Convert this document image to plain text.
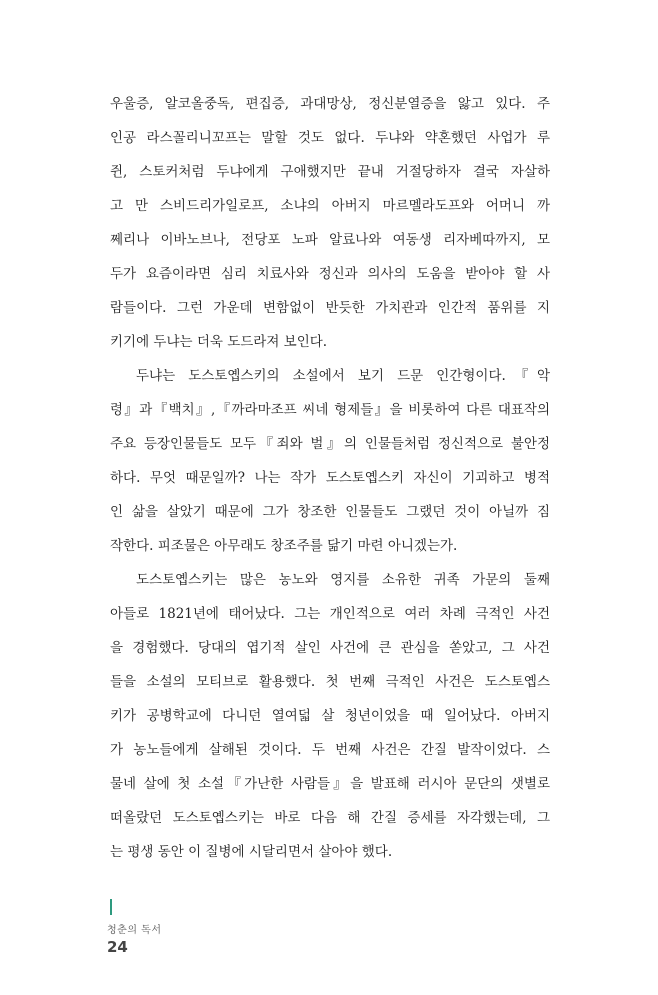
우울증, 알코올중독, 편집증, 과대망상, 정신분열증을 앓고 있다. 주
인공 라스꼴리니꼬프는 말할 것도 없다. 두냐와 약혼했던 사업가 루
쥔, 스토커처럼 두냐에게 구애했지만 끝내 거절당하자 결국 자살하
고 만 스비드리가일로프, 소냐의 아버지 마르멜라도프와 어머니 까
쩨리나 이바노브나, 전당포 노파 알료나와 여동생 리자베따까지, 모
두가 요즘이라면 심리 치료사와 정신과 의사의 도움을 받아야 할 사
람들이다. 그런 가운데 변함없이 반듯한 가치관과 인간적 품위를 지
키기에 두냐는 더욱 도드라져 보인다.
두냐는 도스토옙스키의 소설에서 보기 드문 인간형이다.『악
령』과『백치』,『까라마조프 씨네 형제들』을 비롯하여 다른 대표작의
주요 등장인물들도 모두『죄와 벌』의 인물들처럼 정신적으로 불안정
하다. 무엇 때문일까? 나는 작가 도스토옙스키 자신이 기괴하고 병적
인 삶을 살았기 때문에 그가 창조한 인물들도 그랬던 것이 아닐까 짐
작한다. 피조물은 아무래도 창조주를 닮기 마련 아니겠는가.
도스토옙스키는 많은 농노와 영지를 소유한 귀족 가문의 둘째
아들로 1821년에 태어났다. 그는 개인적으로 여러 차례 극적인 사건
을 경험했다. 당대의 엽기적 살인 사건에 큰 관심을 쏟았고, 그 사건
들을 소설의 모티브로 활용했다. 첫 번째 극적인 사건은 도스토옙스
키가 공병학교에 다니던 열여덟 살 청년이었을 때 일어났다. 아버지
가 농노들에게 살해된 것이다. 두 번째 사건은 간질 발작이었다. 스
물네 살에 첫 소설『가난한 사람들』을 발표해 러시아 문단의 샛별로
떠올랐던 도스토옙스키는 바로 다음 해 간질 증세를 자각했는데, 그
는 평생 동안 이 질병에 시달리면서 살아야 했다.
청춘의 독서
24
